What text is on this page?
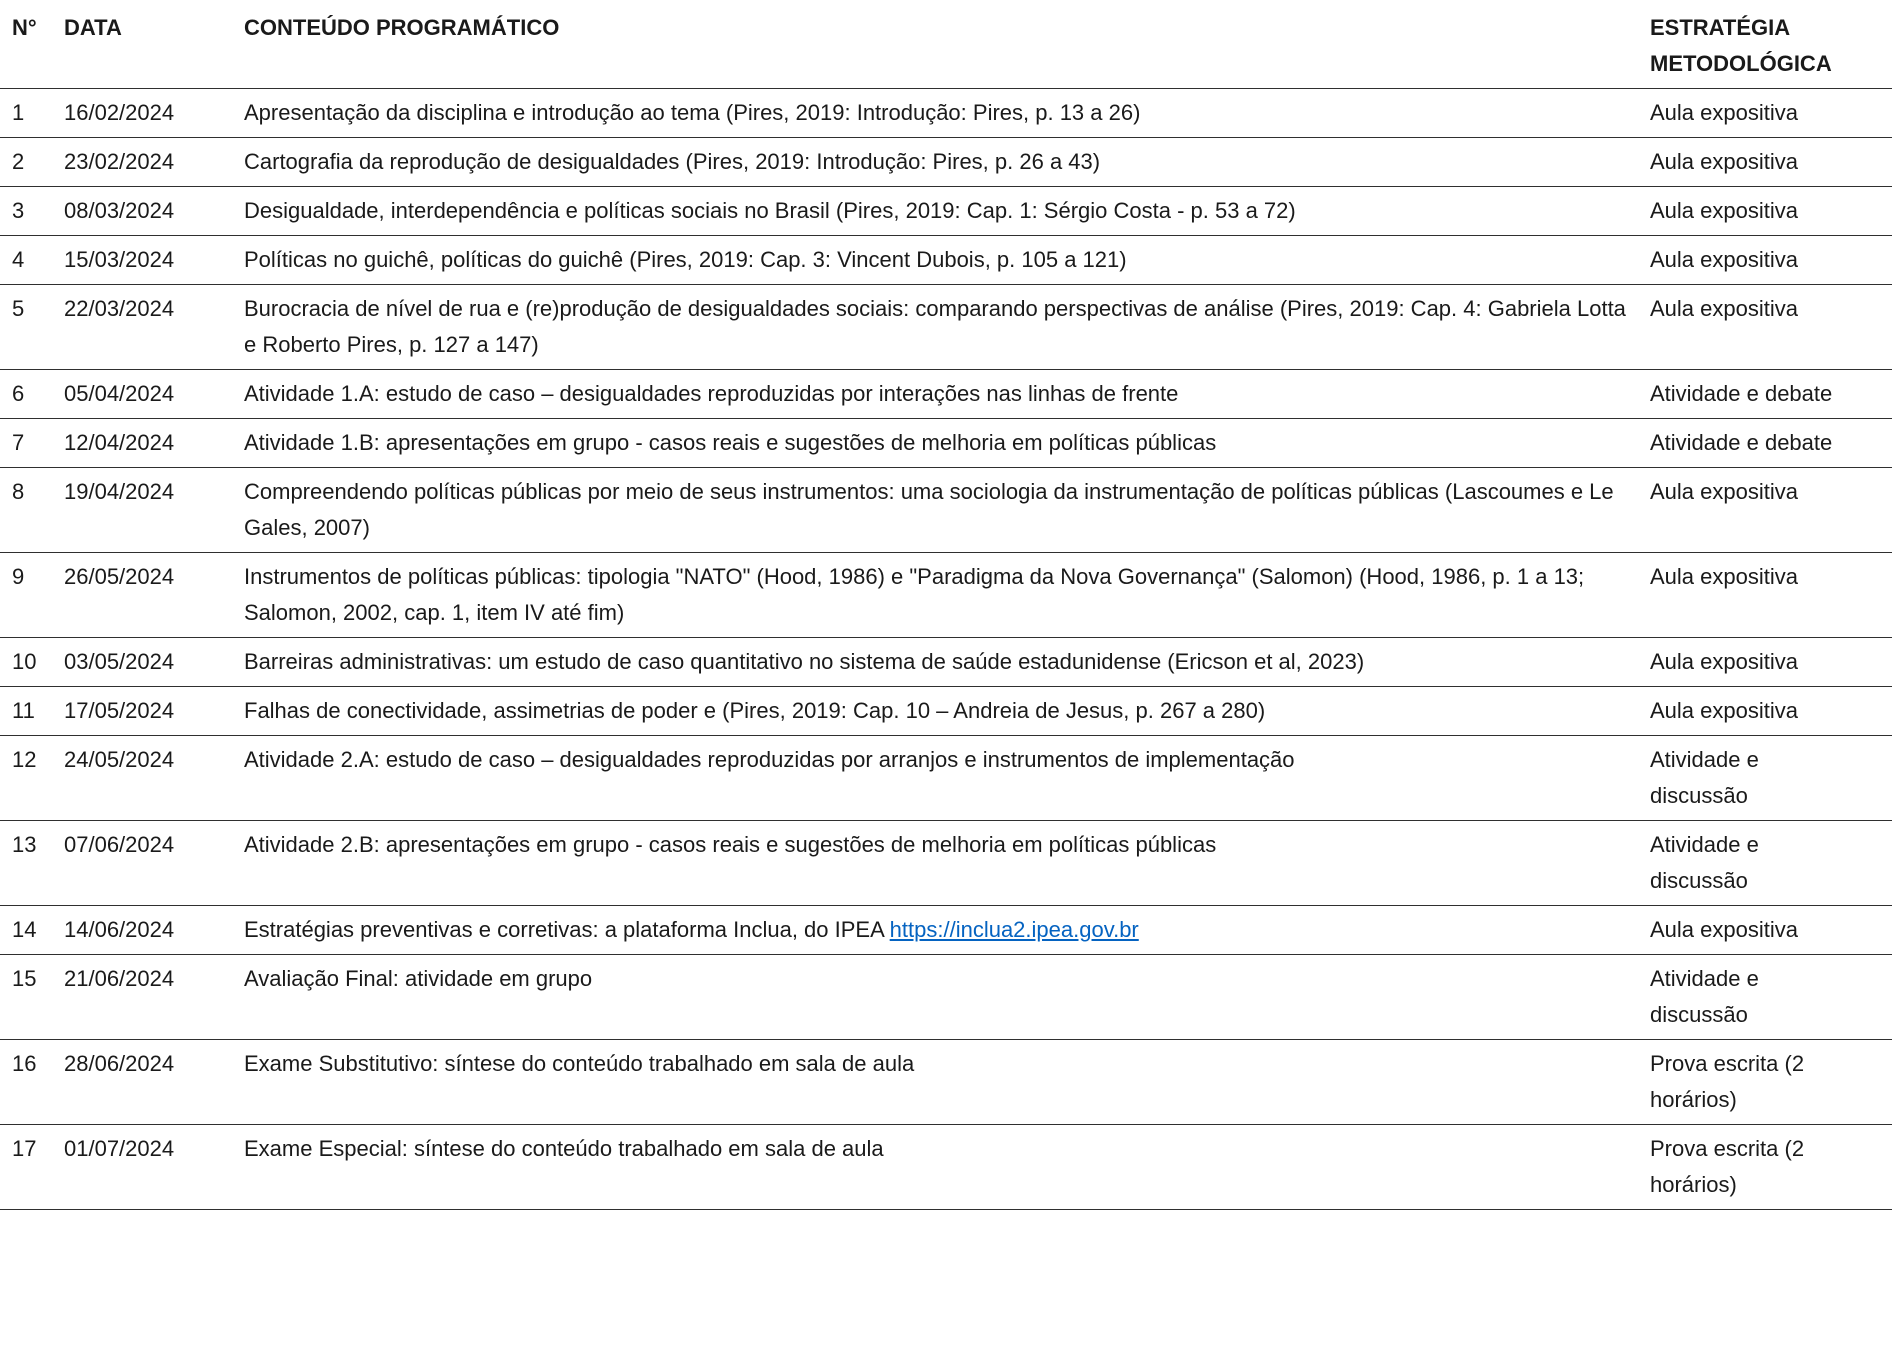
N°	DATA	CONTEÚDO PROGRAMÁTICO	ESTRATÉGIA METODOLÓGICA
1	16/02/2024	Apresentação da disciplina e introdução ao tema (Pires, 2019: Introdução: Pires, p. 13 a 26)	Aula expositiva
2	23/02/2024	Cartografia da reprodução de desigualdades (Pires, 2019: Introdução: Pires, p. 26 a 43)	Aula expositiva
3	08/03/2024	Desigualdade, interdependência e políticas sociais no Brasil (Pires, 2019: Cap. 1: Sérgio Costa - p. 53 a 72)	Aula expositiva
4	15/03/2024	Políticas no guichê, políticas do guichê (Pires, 2019: Cap. 3: Vincent Dubois, p. 105 a 121)	Aula expositiva
5	22/03/2024	Burocracia de nível de rua e (re)produção de desigualdades sociais: comparando perspectivas de análise (Pires, 2019: Cap. 4: Gabriela Lotta e Roberto Pires, p. 127 a 147)	Aula expositiva
6	05/04/2024	Atividade 1.A: estudo de caso – desigualdades reproduzidas por interações nas linhas de frente	Atividade e debate
7	12/04/2024	Atividade 1.B: apresentações em grupo - casos reais e sugestões de melhoria em políticas públicas	Atividade e debate
8	19/04/2024	Compreendendo políticas públicas por meio de seus instrumentos: uma sociologia da instrumentação de políticas públicas (Lascoumes e Le Gales, 2007)	Aula expositiva
9	26/05/2024	Instrumentos de políticas públicas: tipologia "NATO" (Hood, 1986) e "Paradigma da Nova Governança" (Salomon) (Hood, 1986, p. 1 a 13; Salomon, 2002, cap. 1, item IV até fim)	Aula expositiva
10	03/05/2024	Barreiras administrativas: um estudo de caso quantitativo no sistema de saúde estadunidense (Ericson et al, 2023)	Aula expositiva
11	17/05/2024	Falhas de conectividade, assimetrias de poder e (Pires, 2019: Cap. 10 – Andreia de Jesus, p. 267 a 280)	Aula expositiva
12	24/05/2024	Atividade 2.A: estudo de caso – desigualdades reproduzidas por arranjos e instrumentos de implementação	Atividade e discussão
13	07/06/2024	Atividade 2.B: apresentações em grupo - casos reais e sugestões de melhoria em políticas públicas	Atividade e discussão
14	14/06/2024	Estratégias preventivas e corretivas: a plataforma Inclua, do IPEA https://inclua2.ipea.gov.br	Aula expositiva
15	21/06/2024	Avaliação Final: atividade em grupo	Atividade e discussão
16	28/06/2024	Exame Substitutivo: síntese do conteúdo trabalhado em sala de aula	Prova escrita (2 horários)
17	01/07/2024	Exame Especial: síntese do conteúdo trabalhado em sala de aula	Prova escrita (2 horários)
